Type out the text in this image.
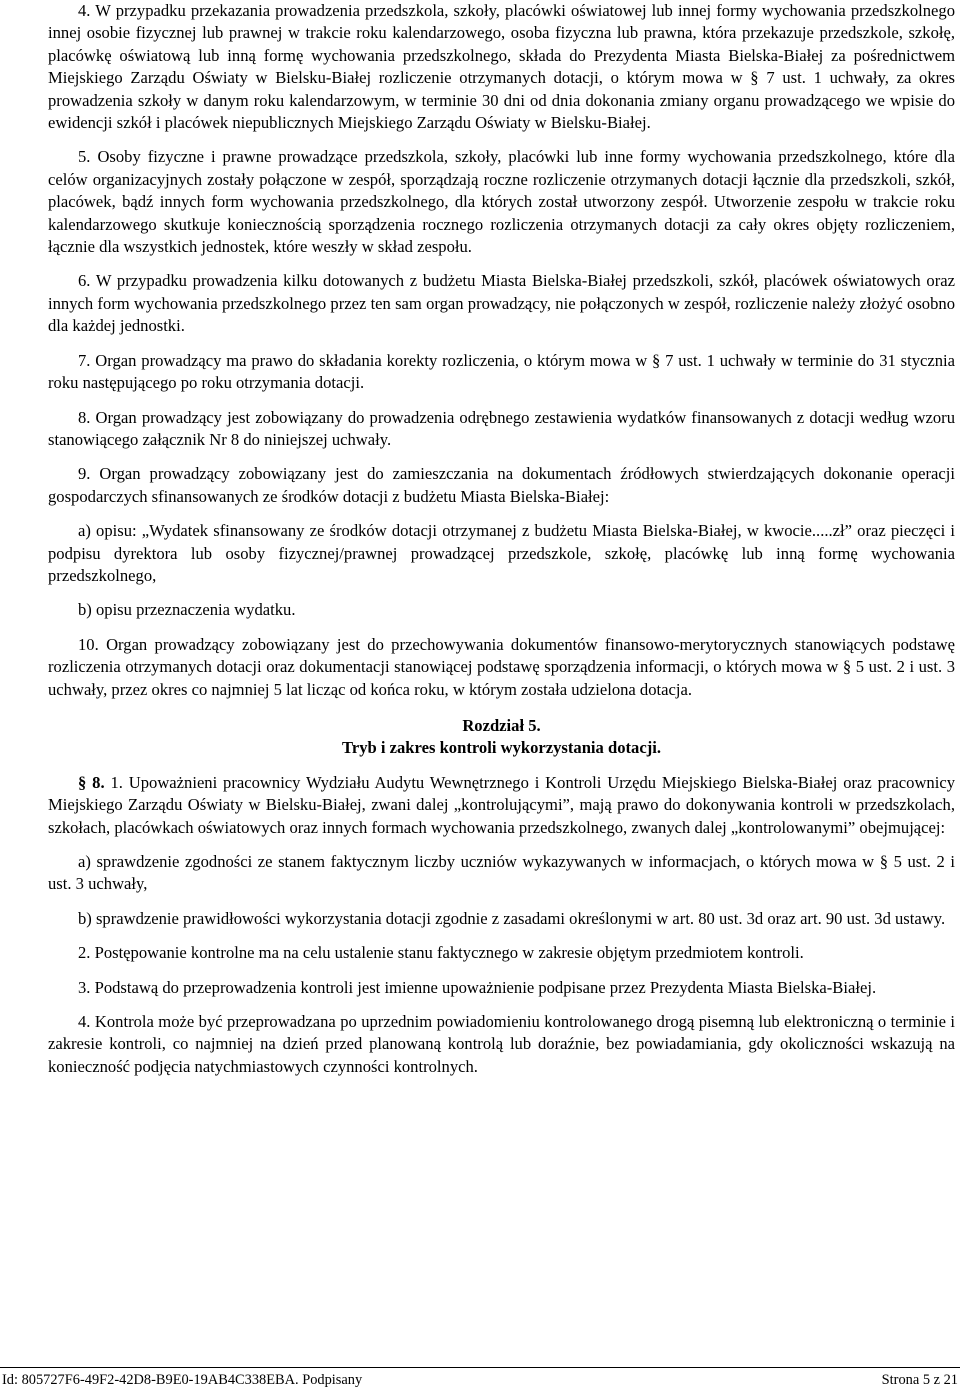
4. W przypadku przekazania prowadzenia przedszkola, szkoły, placówki oświatowej lub innej formy wychowania przedszkolnego innej osobie fizycznej lub prawnej w trakcie roku kalendarzowego, osoba fizyczna lub prawna, która przekazuje przedszkole, szkołę, placówkę oświatową lub inną formę wychowania przedszkolnego, składa do Prezydenta Miasta Bielska-Białej za pośrednictwem Miejskiego Zarządu Oświaty w Bielsku-Białej rozliczenie otrzymanych dotacji, o którym mowa w § 7 ust. 1 uchwały, za okres prowadzenia szkoły w danym roku kalendarzowym, w terminie 30 dni od dnia dokonania zmiany organu prowadzącego we wpisie do ewidencji szkół i placówek niepublicznych Miejskiego Zarządu Oświaty w Bielsku-Białej.

5. Osoby fizyczne i prawne prowadzące przedszkola, szkoły, placówki lub inne formy wychowania przedszkolnego, które dla celów organizacyjnych zostały połączone w zespół, sporządzają roczne rozliczenie otrzymanych dotacji łącznie dla przedszkoli, szkół, placówek, bądź innych form wychowania przedszkolnego, dla których został utworzony zespół. Utworzenie zespołu w trakcie roku kalendarzowego skutkuje koniecznością sporządzenia rocznego rozliczenia otrzymanych dotacji za cały okres objęty rozliczeniem, łącznie dla wszystkich jednostek, które weszły w skład zespołu.

6. W przypadku prowadzenia kilku dotowanych z budżetu Miasta Bielska-Białej przedszkoli, szkół, placówek oświatowych oraz innych form wychowania przedszkolnego przez ten sam organ prowadzący, nie połączonych w zespół, rozliczenie należy złożyć osobno dla każdej jednostki.

7. Organ prowadzący ma prawo do składania korekty rozliczenia, o którym mowa w § 7 ust. 1 uchwały w terminie do 31 stycznia roku następującego po roku otrzymania dotacji.

8. Organ prowadzący jest zobowiązany do prowadzenia odrębnego zestawienia wydatków finansowanych z dotacji według wzoru stanowiącego załącznik Nr 8 do niniejszej uchwały.

9. Organ prowadzący zobowiązany jest do zamieszczania na dokumentach źródłowych stwierdzających dokonanie operacji gospodarczych sfinansowanych ze środków dotacji z budżetu Miasta Bielska-Białej:

a) opisu: „Wydatek sfinansowany ze środków dotacji otrzymanej z budżetu Miasta Bielska-Białej, w kwocie.....zł” oraz pieczęci i podpisu dyrektora lub osoby fizycznej/prawnej prowadzącej przedszkole, szkołę, placówkę lub inną formę wychowania przedszkolnego,

b) opisu przeznaczenia wydatku.

10. Organ prowadzący zobowiązany jest do przechowywania dokumentów finansowo-merytorycznych stanowiących podstawę rozliczenia otrzymanych dotacji oraz dokumentacji stanowiącej podstawę sporządzenia informacji, o których mowa w § 5 ust. 2 i ust. 3 uchwały, przez okres co najmniej 5 lat licząc od końca roku, w którym została udzielona dotacja.

Rozdział 5.

Tryb i zakres kontroli wykorzystania dotacji.

§ 8. 1. Upoważnieni pracownicy Wydziału Audytu Wewnętrznego i Kontroli Urzędu Miejskiego Bielska-Białej oraz pracownicy Miejskiego Zarządu Oświaty w Bielsku-Białej, zwani dalej „kontrolującymi”, mają prawo do dokonywania kontroli w przedszkolach, szkołach, placówkach oświatowych oraz innych formach wychowania przedszkolnego, zwanych dalej „kontrolowanymi” obejmującej:

a) sprawdzenie zgodności ze stanem faktycznym liczby uczniów wykazywanych w informacjach, o których mowa w § 5 ust. 2 i ust. 3 uchwały,

b) sprawdzenie prawidłowości wykorzystania dotacji zgodnie z zasadami określonymi w art. 80 ust. 3d oraz art. 90 ust. 3d ustawy.

2. Postępowanie kontrolne ma na celu ustalenie stanu faktycznego w zakresie objętym przedmiotem kontroli.

3. Podstawą do przeprowadzenia kontroli jest imienne upoważnienie podpisane przez Prezydenta Miasta Bielska-Białej.

4. Kontrola może być przeprowadzana po uprzednim powiadomieniu kontrolowanego drogą pisemną lub elektroniczną o terminie i zakresie kontroli, co najmniej na dzień przed planowaną kontrolą lub doraźnie, bez powiadamiania, gdy okoliczności wskazują na konieczność podjęcia natychmiastowych czynności kontrolnych.

Id: 805727F6-49F2-42D8-B9E0-19AB4C338EBA. Podpisany	Strona 5 z 21
